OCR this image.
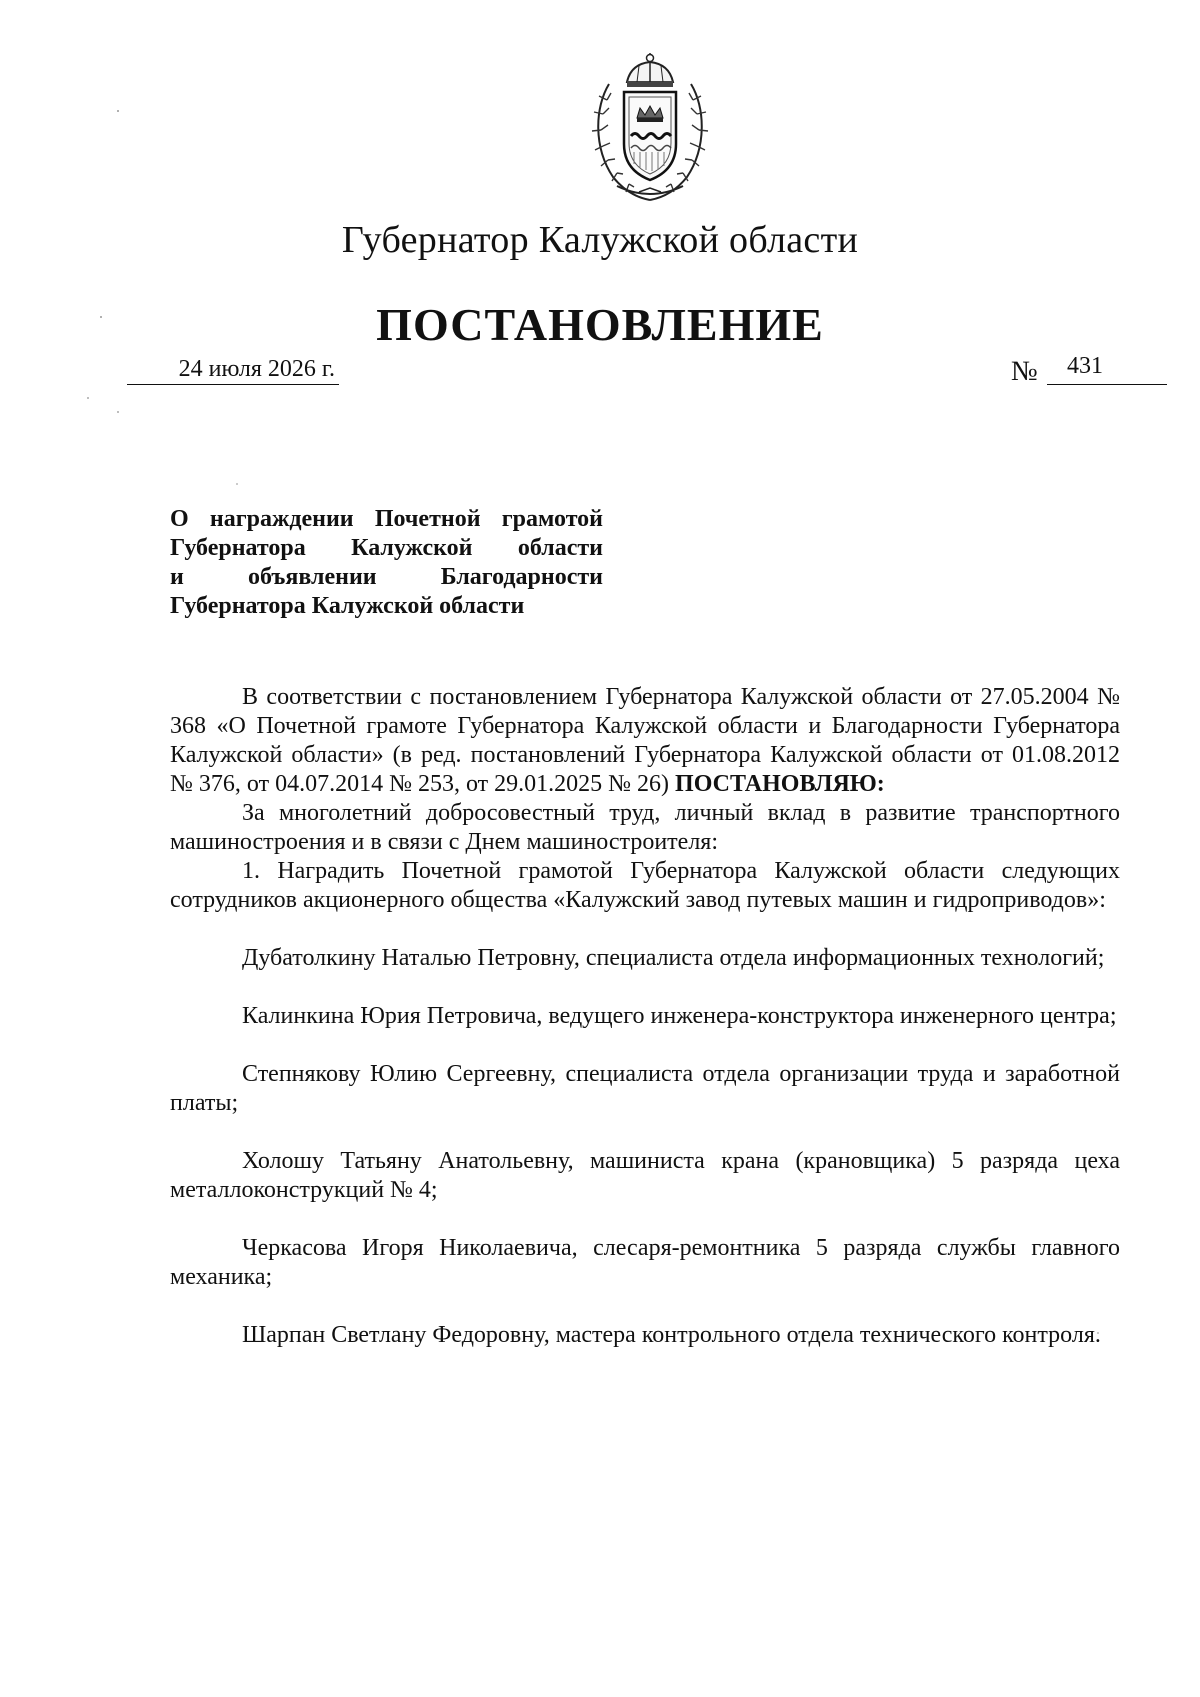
Губернатор Калужской области
ПОСТАНОВЛЕНИЕ
24 июля 2026 г.	№ 431
О награждении Почетной грамотой
Губернатора Калужской области
и объявлении Благодарности
Губернатора Калужской области

В соответствии с постановлением Губернатора Калужской области от 27.05.2004 № 368 «О Почетной грамоте Губернатора Калужской области и Благодарности Губернатора Калужской области» (в ред. постановлений Губернатора Калужской области от 01.08.2012 № 376, от 04.07.2014 № 253, от 29.01.2025 № 26) ПОСТАНОВЛЯЮ:

За многолетний добросовестный труд, личный вклад в развитие транспортного машиностроения и в связи с Днем машиностроителя:

1. Наградить Почетной грамотой Губернатора Калужской области следующих сотрудников акционерного общества «Калужский завод путевых машин и гидроприводов»:

Дубатолкину Наталью Петровну, специалиста отдела информационных технологий;

Калинкина Юрия Петровича, ведущего инженера-конструктора инженерного центра;

Степнякову Юлию Сергеевну, специалиста отдела организации труда и заработной платы;

Холошу Татьяну Анатольевну, машиниста крана (крановщика) 5 разряда цеха металлоконструкций № 4;

Черкасова Игоря Николаевича, слесаря-ремонтника 5 разряда службы главного механика;

Шарпан Светлану Федоровну, мастера контрольного отдела технического контроля.
